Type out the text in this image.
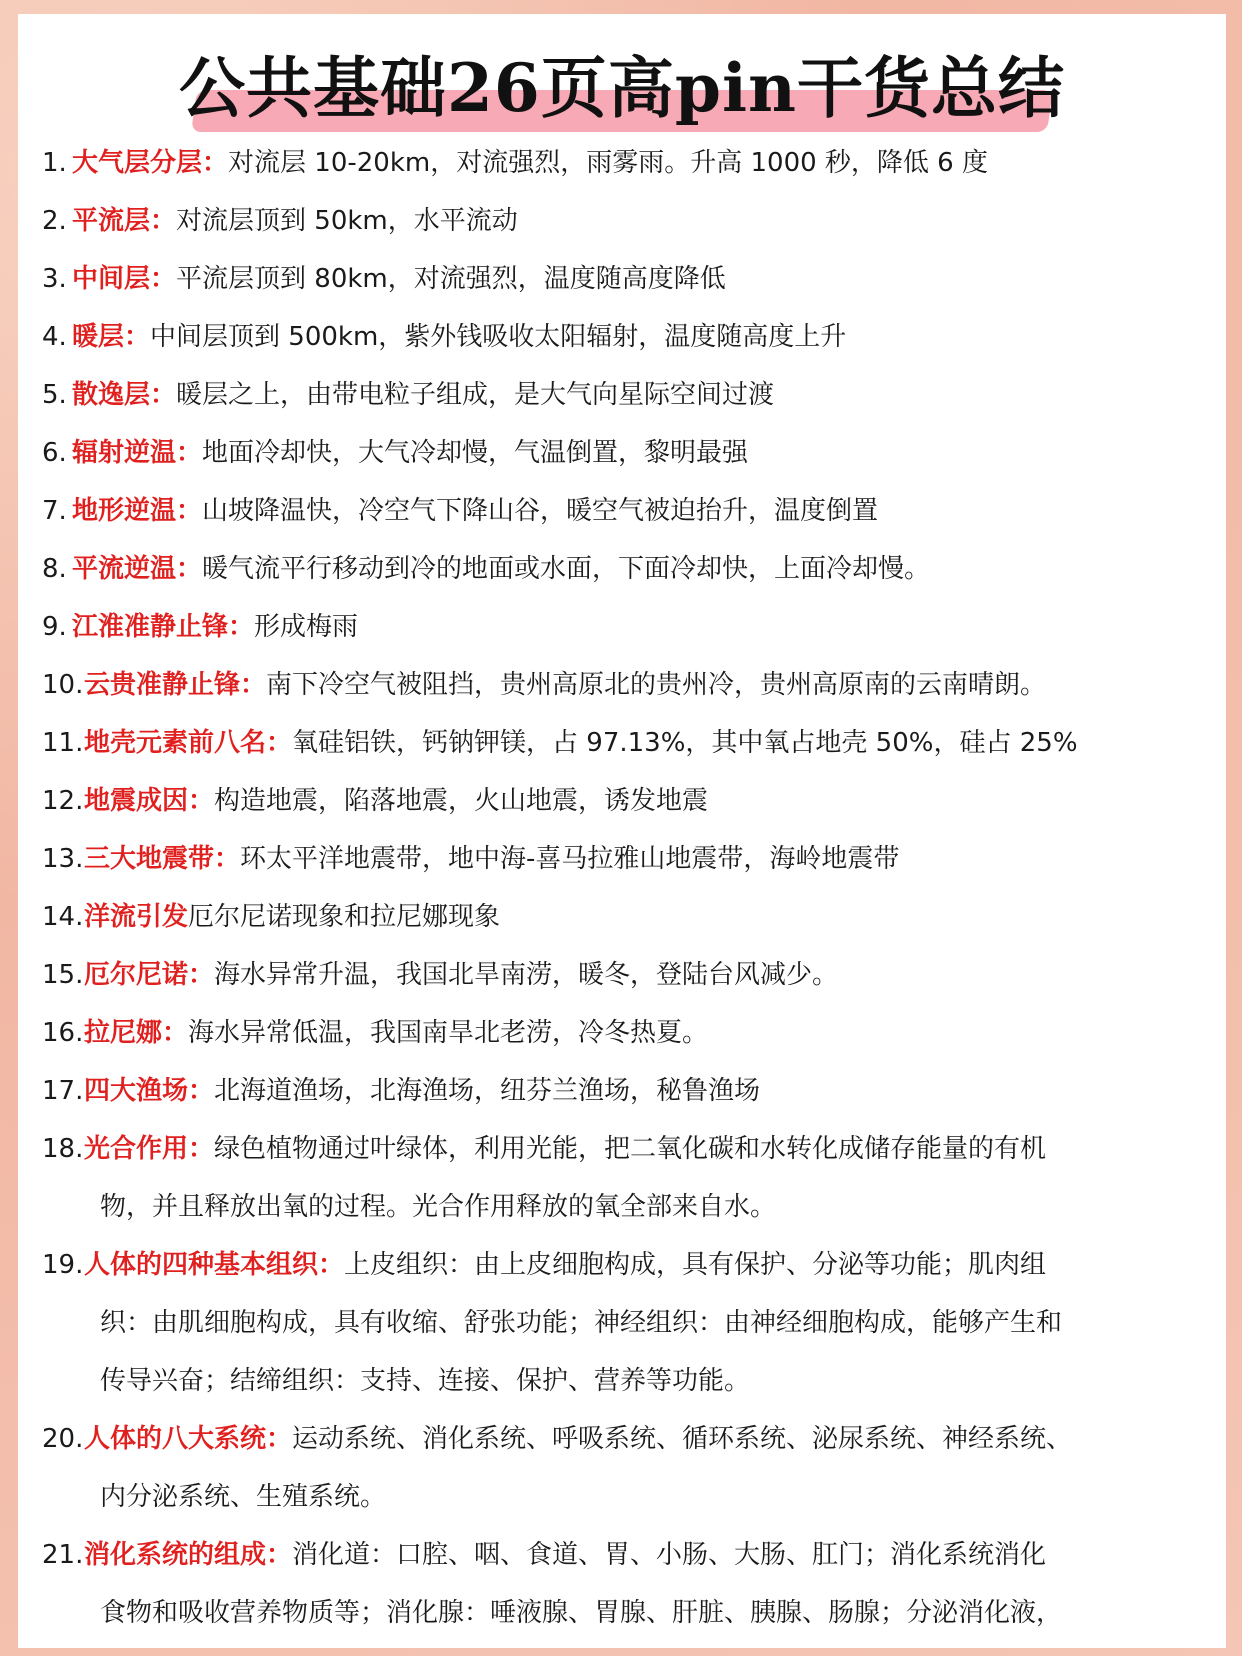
公共基础26页高pin干货总结
1. 大气层分层：对流层 10-20km，对流强烈，雨雾雨。升高 1000 秒，降低 6 度
2. 平流层：对流层顶到 50km，水平流动
3. 中间层：平流层顶到 80km，对流强烈，温度随高度降低
4. 暖层：中间层顶到 500km，紫外钱吸收太阳辐射，温度随高度上升
5. 散逸层：暖层之上，由带电粒子组成，是大气向星际空间过渡
6. 辐射逆温：地面冷却快，大气冷却慢，气温倒置，黎明最强
7. 地形逆温：山坡降温快，冷空气下降山谷，暖空气被迫抬升，温度倒置
8. 平流逆温：暖气流平行移动到冷的地面或水面，下面冷却快，上面冷却慢。
9. 江淮准静止锋：形成梅雨
10. 云贵准静止锋：南下冷空气被阻挡，贵州高原北的贵州冷，贵州高原南的云南晴朗。
11. 地壳元素前八名：氧硅铝铁，钙钠钾镁，占 97.13%，其中氧占地壳 50%，硅占 25%
12. 地震成因：构造地震，陷落地震，火山地震，诱发地震
13. 三大地震带：环太平洋地震带，地中海-喜马拉雅山地震带，海岭地震带
14. 洋流引发厄尔尼诺现象和拉尼娜现象
15. 厄尔尼诺：海水异常升温，我国北旱南涝，暖冬，登陆台风减少。
16. 拉尼娜：海水异常低温，我国南旱北老涝，冷冬热夏。
17. 四大渔场：北海道渔场，北海渔场，纽芬兰渔场，秘鲁渔场
18. 光合作用：绿色植物通过叶绿体，利用光能，把二氧化碳和水转化成储存能量的有机
物，并且释放出氧的过程。光合作用释放的氧全部来自水。
19. 人体的四种基本组织：上皮组织：由上皮细胞构成，具有保护、分泌等功能；肌肉组
织：由肌细胞构成，具有收缩、舒张功能；神经组织：由神经细胞构成，能够产生和
传导兴奋；结缔组织：支持、连接、保护、营养等功能。
20. 人体的八大系统：运动系统、消化系统、呼吸系统、循环系统、泌尿系统、神经系统、
内分泌系统、生殖系统。
21. 消化系统的组成：消化道：口腔、咽、食道、胃、小肠、大肠、肛门；消化系统消化
食物和吸收营养物质等；消化腺：唾液腺、胃腺、肝脏、胰腺、肠腺；分泌消化液，
